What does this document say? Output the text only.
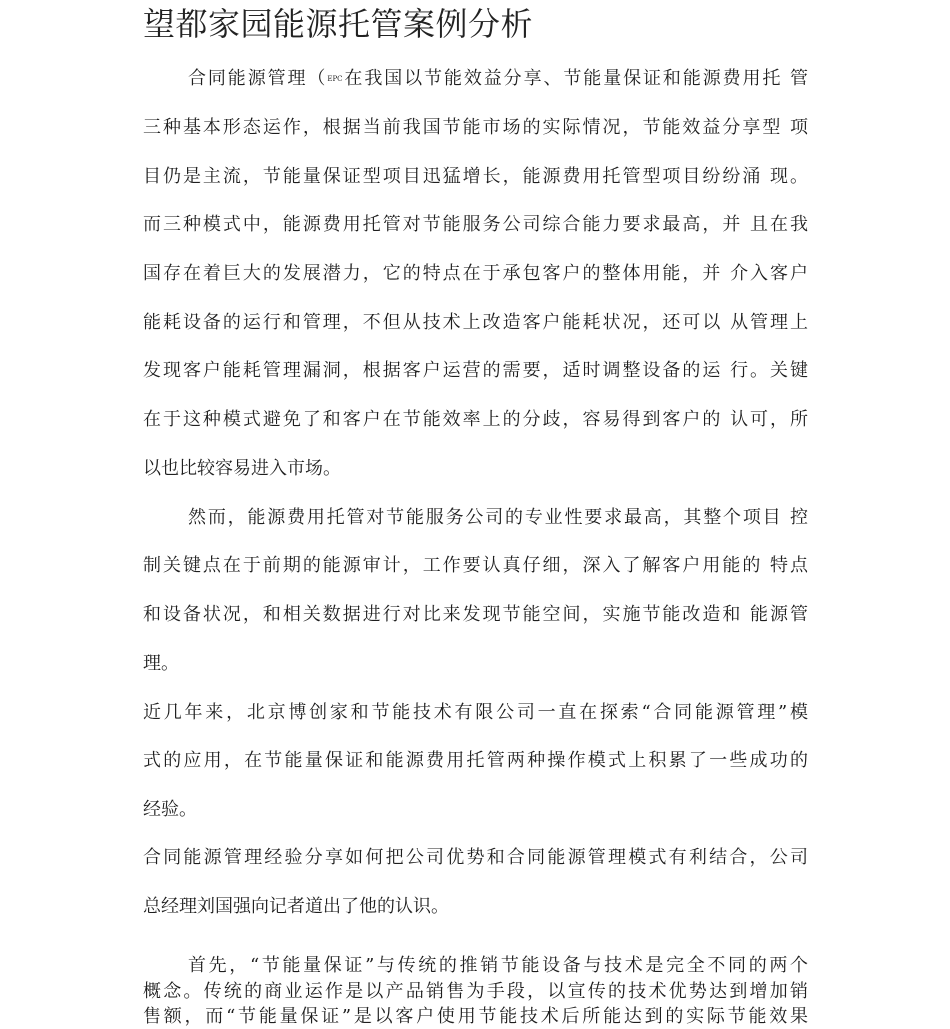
望都家园能源托管案例分析
合同能源管理（EPC在我国以节能效益分享、节能量保证和能源费用托 管
三种基本形态运作，根据当前我国节能市场的实际情况，节能效益分享型 项
目仍是主流，节能量保证型项目迅猛增长，能源费用托管型项目纷纷涌 现。
而三种模式中，能源费用托管对节能服务公司综合能力要求最高，并 且在我
国存在着巨大的发展潜力，它的特点在于承包客户的整体用能，并 介入客户
能耗设备的运行和管理，不但从技术上改造客户能耗状况，还可以 从管理上
发现客户能耗管理漏洞，根据客户运营的需要，适时调整设备的运 行。关键
在于这种模式避免了和客户在节能效率上的分歧，容易得到客户的 认可，所
以也比较容易进入市场。
然而，能源费用托管对节能服务公司的专业性要求最高，其整个项目 控
制关键点在于前期的能源审计，工作要认真仔细，深入了解客户用能的 特点
和设备状况，和相关数据进行对比来发现节能空间，实施节能改造和 能源管
理。
近几年来，北京博创家和节能技术有限公司一直在探索“合同能源管理”模
式的应用，在节能量保证和能源费用托管两种操作模式上积累了一些成功的
经验。
合同能源管理经验分享如何把公司优势和合同能源管理模式有利结合，公司
总经理刘国强向记者道出了他的认识。
首先，“节能量保证”与传统的推销节能设备与技术是完全不同的两个
概念。传统的商业运作是以产品销售为手段，以宣传的技术优势达到增加销
售额，而“节能量保证”是以客户使用节能技术后所能达到的实际节能效果
